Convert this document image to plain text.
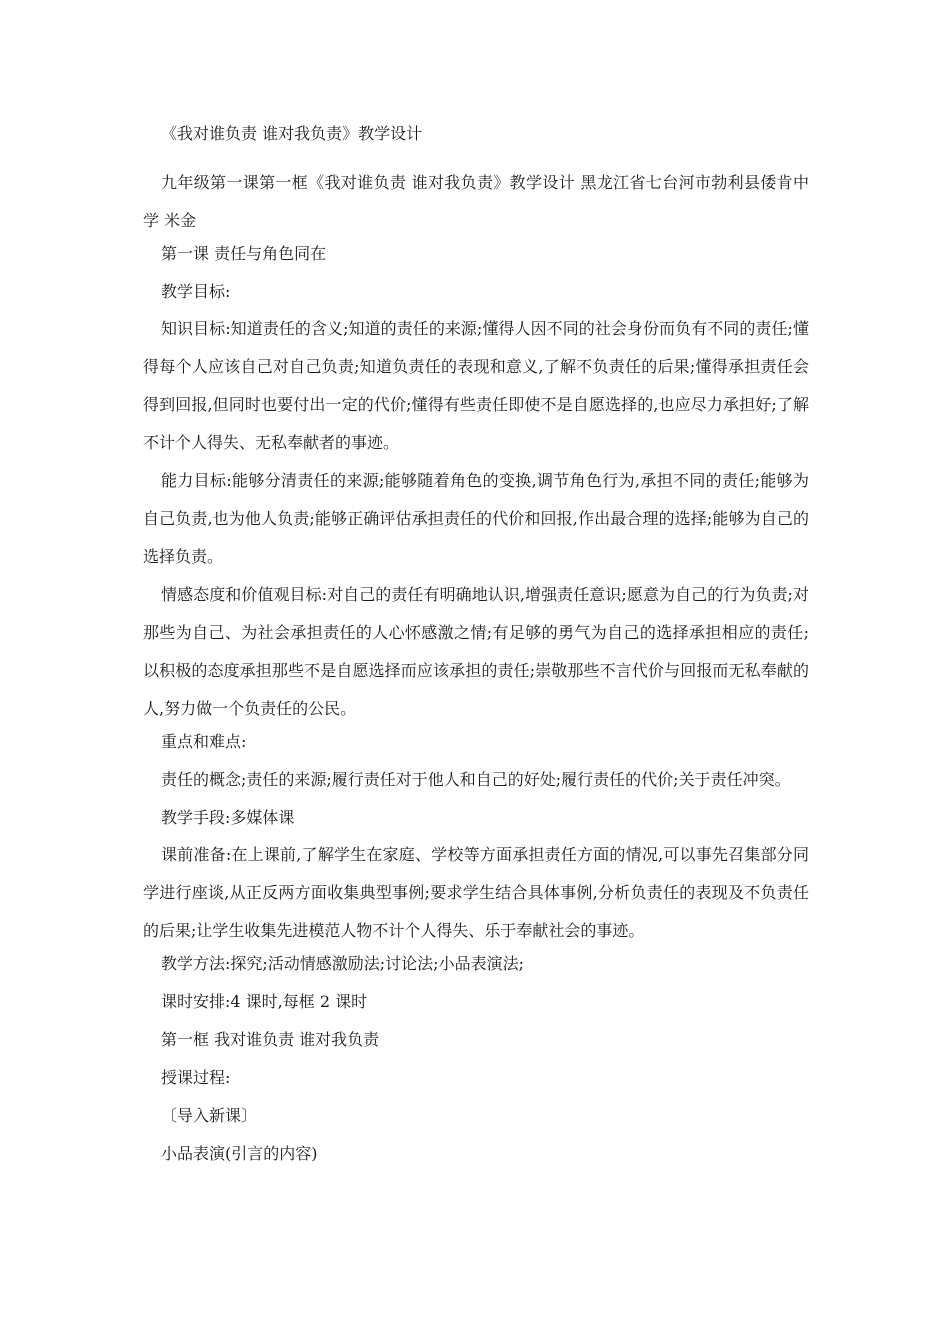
《我对谁负责 谁对我负责》教学设计

九年级第一课第一框《我对谁负责 谁对我负责》教学设计 黑龙江省七台河市勃利县倭肯中学 米金

第一课 责任与角色同在

教学目标:

知识目标:知道责任的含义;知道的责任的来源;懂得人因不同的社会身份而负有不同的责任;懂得每个人应该自己对自己负责;知道负责任的表现和意义,了解不负责任的后果;懂得承担责任会得到回报,但同时也要付出一定的代价;懂得有些责任即使不是自愿选择的,也应尽力承担好;了解不计个人得失、无私奉献者的事迹。

能力目标:能够分清责任的来源;能够随着角色的变换,调节角色行为,承担不同的责任;能够为自己负责,也为他人负责;能够正确评估承担责任的代价和回报,作出最合理的选择;能够为自己的选择负责。

情感态度和价值观目标:对自己的责任有明确地认识,增强责任意识;愿意为自己的行为负责;对那些为自己、为社会承担责任的人心怀感激之情;有足够的勇气为自己的选择承担相应的责任;以积极的态度承担那些不是自愿选择而应该承担的责任;崇敬那些不言代价与回报而无私奉献的人,努力做一个负责任的公民。

重点和难点:

责任的概念;责任的来源;履行责任对于他人和自己的好处;履行责任的代价;关于责任冲突。

教学手段:多媒体课

课前准备:在上课前,了解学生在家庭、学校等方面承担责任方面的情况,可以事先召集部分同学进行座谈,从正反两方面收集典型事例;要求学生结合具体事例,分析负责任的表现及不负责任的后果;让学生收集先进模范人物不计个人得失、乐于奉献社会的事迹。

教学方法:探究;活动情感激励法;讨论法;小品表演法;

课时安排:4 课时,每框 2 课时

第一框 我对谁负责 谁对我负责

授课过程:

〔导入新课〕

小品表演(引言的内容)
